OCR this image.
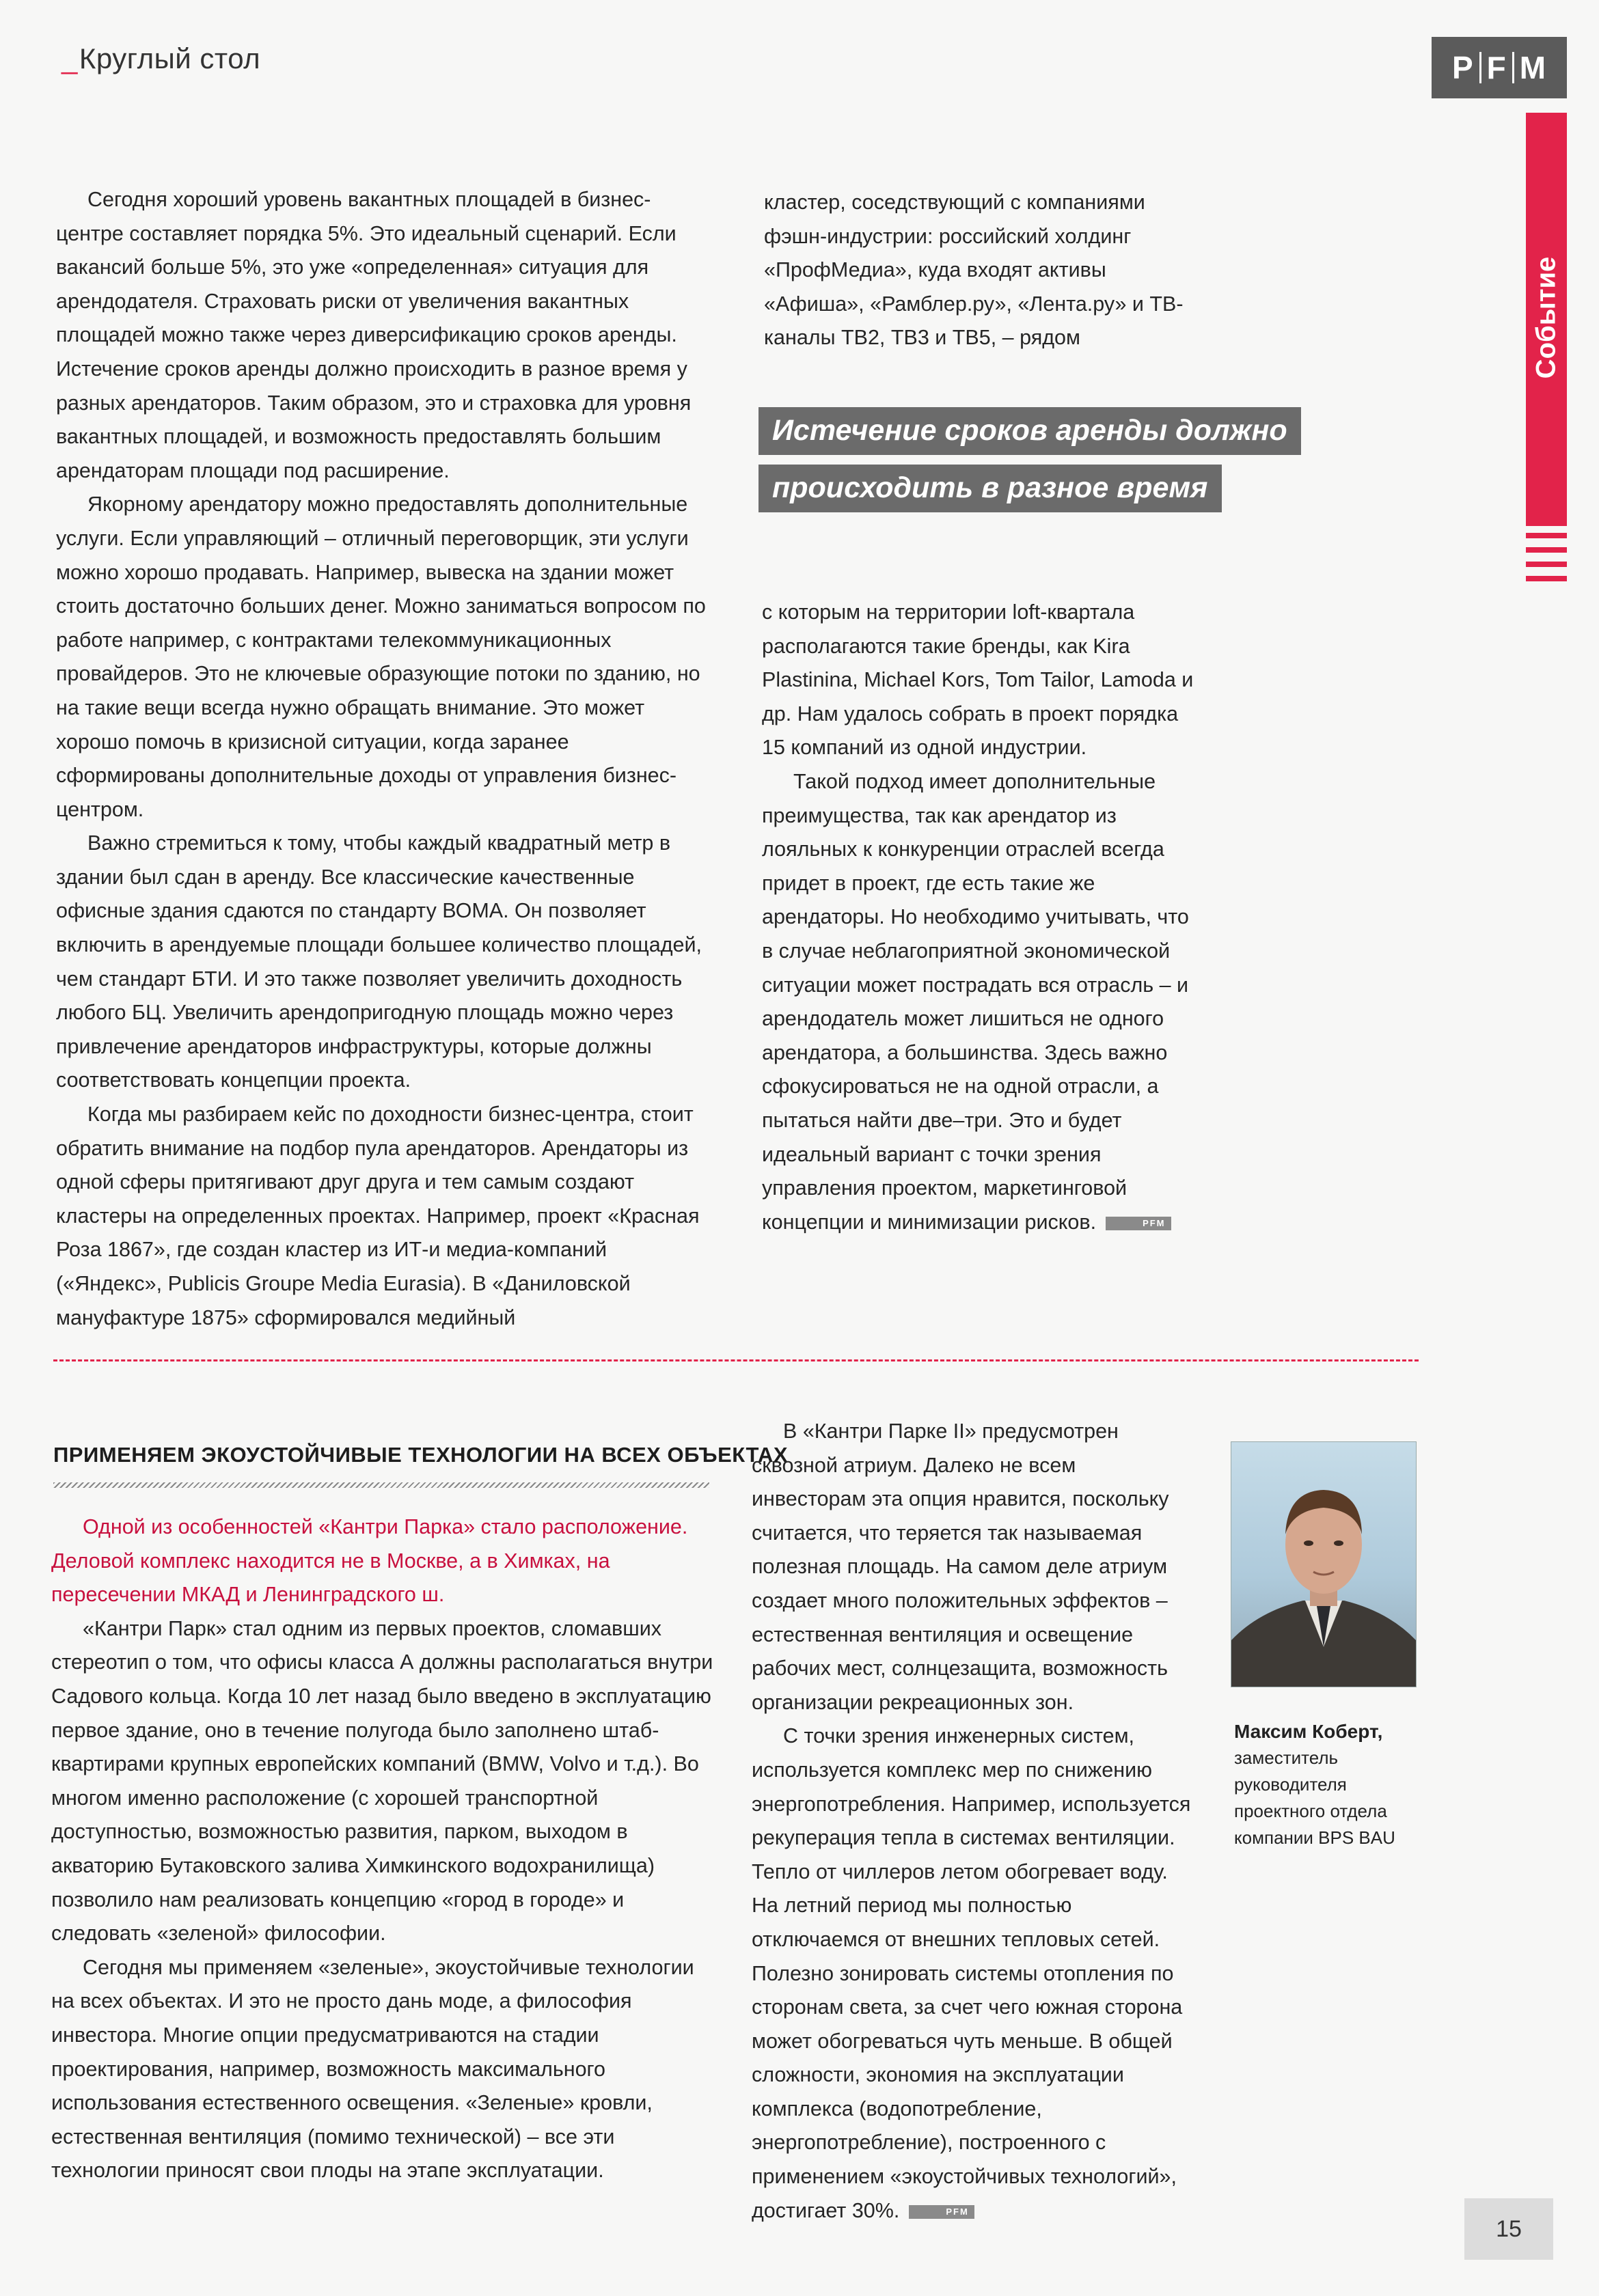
_Круглый стол	P F M
Событие

Сегодня хороший уровень вакантных площадей в бизнес-центре составляет порядка 5%. Это идеальный сценарий. Если вакансий больше 5%, это уже «определенная» ситуация для арендодателя. Страховать риски от увеличения вакантных площадей можно также через диверсификацию сроков аренды. Истечение сроков аренды должно происходить в разное время у разных арендаторов. Таким образом, это и страховка для уровня вакантных площадей, и возможность предоставлять большим арендаторам площади под расширение.

Якорному арендатору можно предоставлять дополнительные услуги. Если управляющий – отличный переговорщик, эти услуги можно хорошо продавать. Например, вывеска на здании может стоить достаточно больших денег. Можно заниматься вопросом по работе например, с контрактами телекоммуникационных провайдеров. Это не ключевые образующие потоки по зданию, но на такие вещи всегда нужно обращать внимание. Это может хорошо помочь в кризисной ситуации, когда заранее сформированы дополнительные доходы от управления бизнес-центром.

Важно стремиться к тому, чтобы каждый квадратный метр в здании был сдан в аренду. Все классические качественные офисные здания сдаются по стандарту ВОМА. Он позволяет включить в арендуемые площади большее количество площадей, чем стандарт БТИ. И это также позволяет увеличить доходность любого БЦ. Увеличить арендопригодную площадь можно через привлечение арендаторов инфраструктуры, которые должны соответствовать концепции проекта.

Когда мы разбираем кейс по доходности бизнес-центра, стоит обратить внимание на подбор пула арендаторов. Арендаторы из одной сферы притягивают друг друга и тем самым создают кластеры на определенных проектах. Например, проект «Красная Роза 1867», где создан кластер из ИТ-и медиа-компаний («Яндекс», Publicis Groupe Media Eurasia). В «Даниловской мануфактуре 1875» сформировался медийный

кластер, соседствующий с компаниями фэшн-индустрии: российский холдинг «ПрофМедиа», куда входят активы «Афиша», «Рамблер.ру», «Лента.ру» и ТВ-каналы ТВ2, ТВ3 и ТВ5, – рядом

Истечение сроков аренды должно
происходить в разное время

с которым на территории loft-квартала располагаются такие бренды, как Kira Plastinina, Michael Kors, Tom Tailor, Lamoda и др. Нам удалось собрать в проект порядка 15 компаний из одной индустрии.

Такой подход имеет дополнительные преимущества, так как арендатор из лояльных к конкуренции отраслей всегда придет в проект, где есть такие же арендаторы. Но необходимо учитывать, что в случае неблагоприятной экономической ситуации может пострадать вся отрасль – и арендодатель может лишиться не одного арендатора, а большинства. Здесь важно сфокусироваться не на одной отрасли, а пытаться найти две–три. Это и будет идеальный вариант с точки зрения управления проектом, маркетинговой концепции и минимизации рисков.	PFM

ПРИМЕНЯЕМ ЭКОУСТОЙЧИВЫЕ ТЕХНОЛОГИИ НА ВСЕХ ОБЪЕКТАХ

Одной из особенностей «Кантри Парка» стало расположение. Деловой комплекс находится не в Москве, а в Химках, на пересечении МКАД и Ленинградского ш.

«Кантри Парк» стал одним из первых проектов, сломавших стереотип о том, что офисы класса А должны располагаться внутри Садового кольца. Когда 10 лет назад было введено в эксплуатацию первое здание, оно в течение полугода было заполнено штаб-квартирами крупных европейских компаний (BMW, Volvo и т.д.). Во многом именно расположение (с хорошей транспортной доступностью, возможностью развития, парком, выходом в акваторию Бутаковского залива Химкинского водохранилища) позволило нам реализовать концепцию «город в городе» и следовать «зеленой» философии.

Сегодня мы применяем «зеленые», экоустойчивые технологии на всех объектах. И это не просто дань моде, а философия инвестора. Многие опции предусматриваются на стадии проектирования, например, возможность максимального использования естественного освещения. «Зеленые» кровли, естественная вентиляция (помимо технической) – все эти технологии приносят свои плоды на этапе эксплуатации.

В «Кантри Парке II» предусмотрен сквозной атриум. Далеко не всем инвесторам эта опция нравится, поскольку считается, что теряется так называемая полезная площадь. На самом деле атриум создает много положительных эффектов – естественная вентиляция и освещение рабочих мест, солнцезащита, возможность организации рекреационных зон.

С точки зрения инженерных систем, используется комплекс мер по снижению энергопотребления. Например, используется рекуперация тепла в системах вентиляции. Тепло от чиллеров летом обогревает воду. На летний период мы полностью отключаемся от внешних тепловых сетей. Полезно зонировать системы отопления по сторонам света, за счет чего южная сторона может обогреваться чуть меньше. В общей сложности, экономия на эксплуатации комплекса (водопотребление, энергопотребление), построенного с применением «экоустойчивых технологий», достигает 30%.	PFM

Максим Коберт,
заместитель
руководителя
проектного отдела
компании BPS BAU
15
